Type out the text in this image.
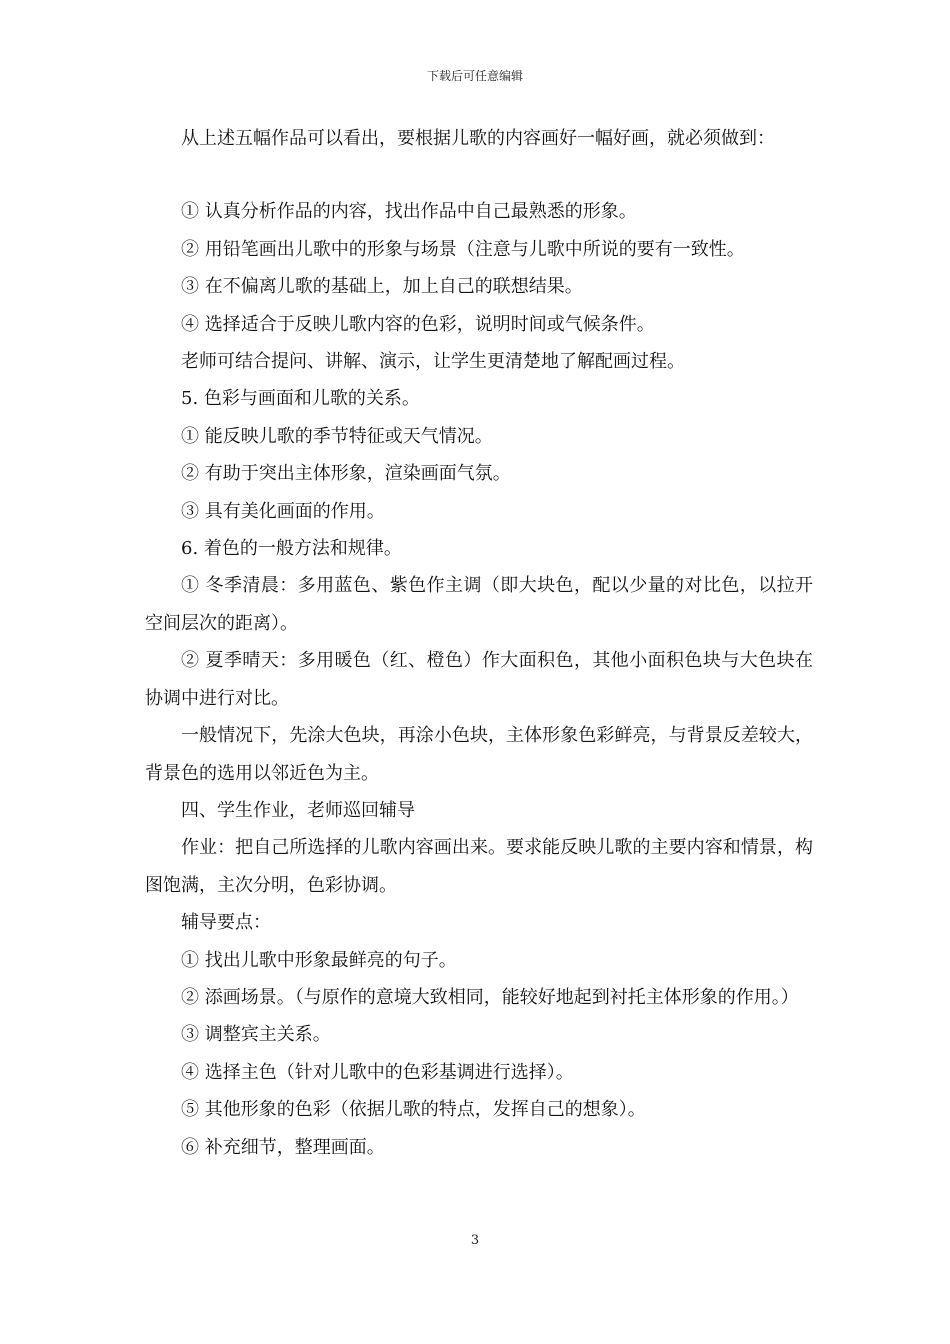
下载后可任意编辑

从上述五幅作品可以看出，要根据儿歌的内容画好一幅好画，就必须做到：

① 认真分析作品的内容，找出作品中自己最熟悉的形象。

② 用铅笔画出儿歌中的形象与场景（注意与儿歌中所说的要有一致性。

③ 在不偏离儿歌的基础上，加上自己的联想结果。

④ 选择适合于反映儿歌内容的色彩，说明时间或气候条件。

老师可结合提问、讲解、演示，让学生更清楚地了解配画过程。

5. 色彩与画面和儿歌的关系。

① 能反映儿歌的季节特征或天气情况。

② 有助于突出主体形象，渲染画面气氛。

③ 具有美化画面的作用。

6. 着色的一般方法和规律。

① 冬季清晨：多用蓝色、紫色作主调（即大块色，配以少量的对比色，以拉开空间层次的距离）。

② 夏季晴天：多用暖色（红、橙色）作大面积色，其他小面积色块与大色块在协调中进行对比。

一般情况下，先涂大色块，再涂小色块，主体形象色彩鲜亮，与背景反差较大，背景色的选用以邻近色为主。

四、学生作业，老师巡回辅导

作业：把自己所选择的儿歌内容画出来。要求能反映儿歌的主要内容和情景，构图饱满，主次分明，色彩协调。

辅导要点：

① 找出儿歌中形象最鲜亮的句子。

② 添画场景。（与原作的意境大致相同，能较好地起到衬托主体形象的作用。）

③ 调整宾主关系。

④ 选择主色（针对儿歌中的色彩基调进行选择）。

⑤ 其他形象的色彩（依据儿歌的特点，发挥自己的想象）。

⑥ 补充细节，整理画面。

3
